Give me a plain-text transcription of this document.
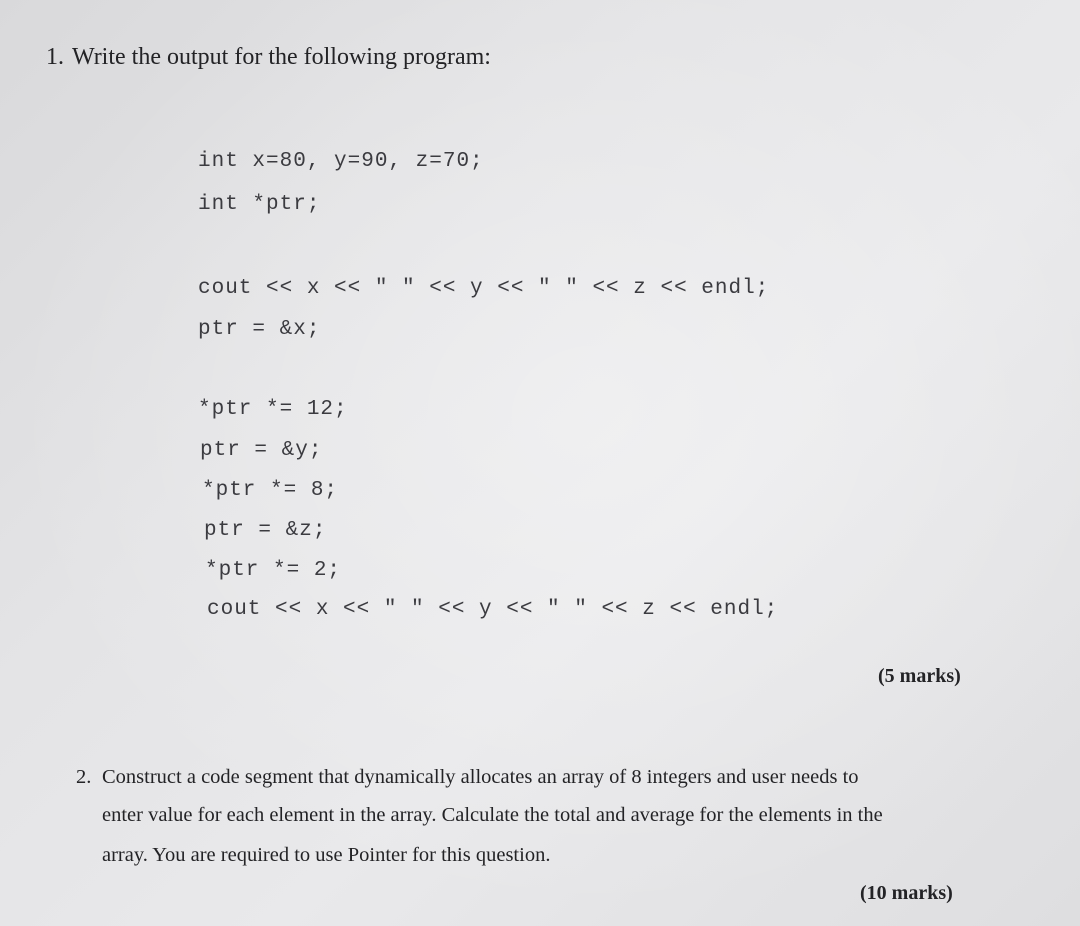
1. Write the output for the following program:
int x=80, y=90, z=70;
int *ptr;
cout << x << " " << y << " " << z << endl;
ptr = &x;
*ptr *= 12;
ptr = &y;
*ptr *= 8;
ptr = &z;
*ptr *= 2;
cout << x << " " << y << " " << z << endl;
(5 marks)
2. Construct a code segment that dynamically allocates an array of 8 integers and user needs to
enter value for each element in the array. Calculate the total and average for the elements in the
array. You are required to use Pointer for this question.
(10 marks)
